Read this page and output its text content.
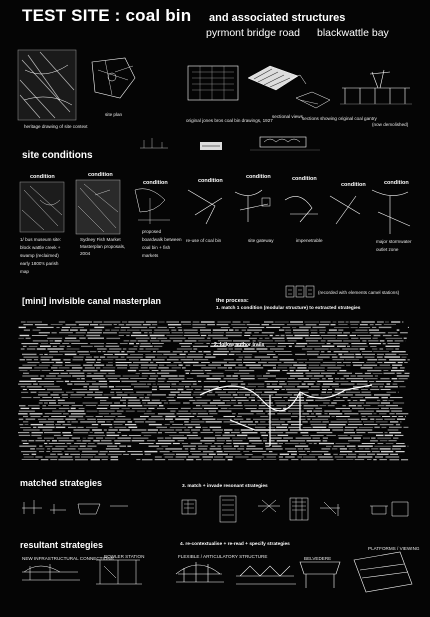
TEST SITE : coal bin and associated structures
pyrmont bridge road blackwattle bay
heritage drawing of site context
site plan
original jones bros coal bin drawings, 1927
sectional views sections showing original coal gantry
(now demolished)
site conditions
condition	condition
condition	condition
condition	condition
condition	condition
1/ bus museum site: block wattle creek + swamp (reclaimed) early 1800's parish map
Sydney Fish Market Masterplan proposals, 2004
proposed boardwalk between coal bin + fish markets
re-use of coal bin	site gateway	impenetrable	major stormwater outlet zone
[mini] invisible canal masterplan	the process:
1. match 1 condition (modular structure) to extracted strategies
(recorded with elements camel stations)
2. follow author trails
matched strategies	3. match + invade resonant strategies
resultant strategies	4. re-contextualise + re-read + specify strategies
NEW INFRASTRUCTURAL CONNECTIONS
BOWLER STATION	FLEXIBLE / ARTICULATORY STRUCTURE	BELVEDERE
PLATFORMS / VIEWING
